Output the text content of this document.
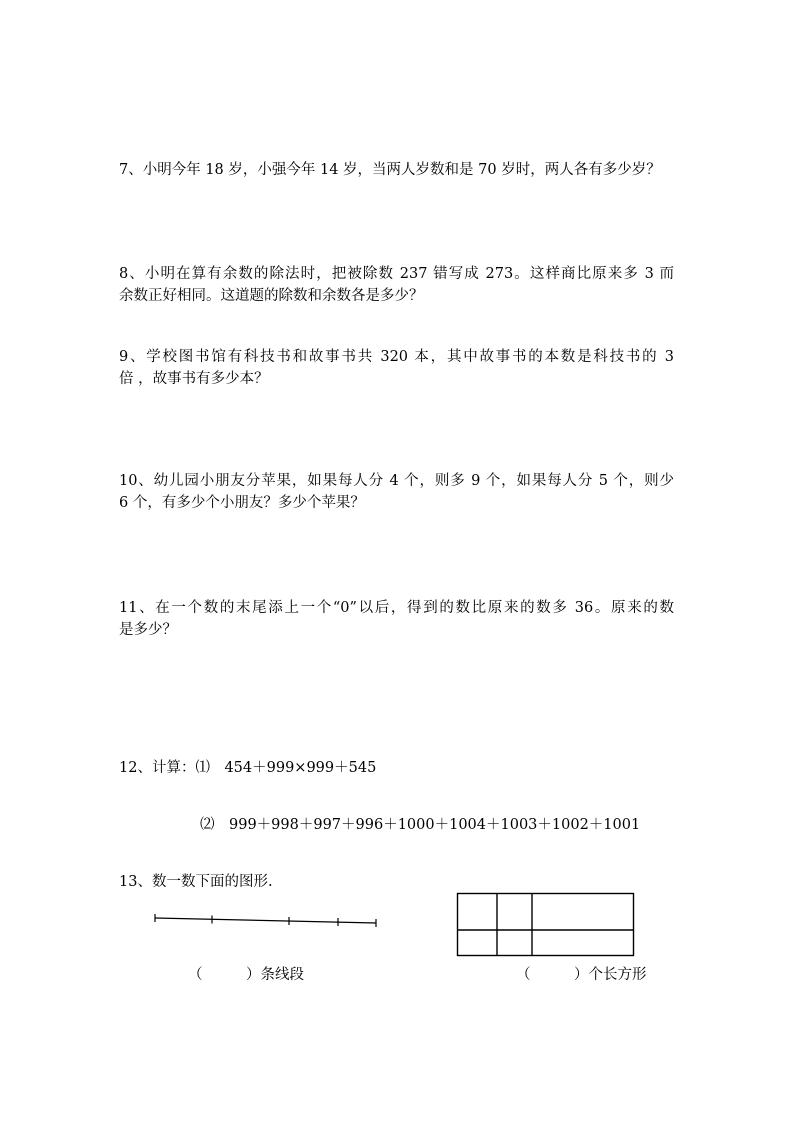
7、小明今年 18 岁，小强今年 14 岁，当两人岁数和是 70 岁时，两人各有多少岁？
8、小明在算有余数的除法时，把被除数 237 错写成 273。这样商比原来多 3 而
余数正好相同。这道题的除数和余数各是多少？
9、学校图书馆有科技书和故事书共 320 本，其中故事书的本数是科技书的 3
倍 ，故事书有多少本？
10、幼儿园小朋友分苹果，如果每人分 4 个，则多 9 个，如果每人分 5 个，则少
6 个，有多少个小朋友？多少个苹果？
11、在一个数的末尾添上一个“0”以后，得到的数比原来的数多 36。原来的数
是多少？
12、计算：⑴　454＋999×999＋545
⑵　999＋998＋997＋996＋1000＋1004＋1003＋1002＋1001
13、数一数下面的图形.
（　　　）条线段	（　　　）个长方形
